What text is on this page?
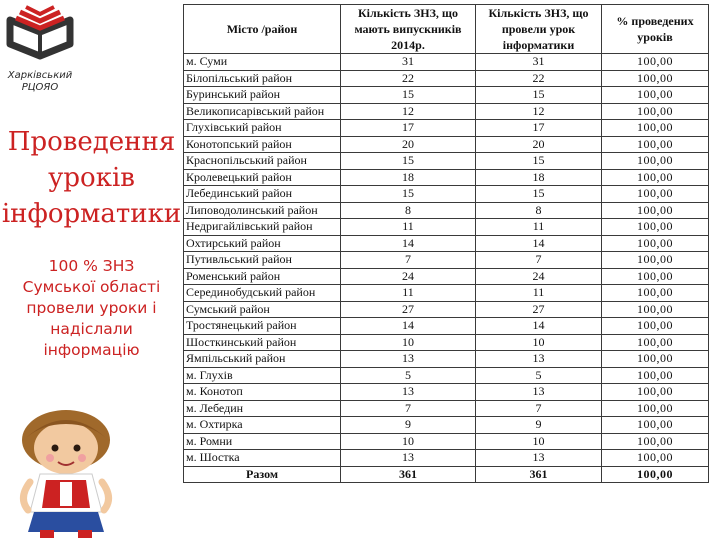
Харківський
РЦОЯО
Проведення
уроків
інформатики
100 % ЗНЗ
Сумської області
провели уроки і
надіслали
інформацію
Місто /район	Кількість ЗНЗ, що мають випускників 2014р.	Кількість ЗНЗ, що провели урок інформатики	% проведених уроків
м. Суми	31	31	100,00
Білопільський район	22	22	100,00
Буринський район	15	15	100,00
Великописарівський район	12	12	100,00
Глухівський район	17	17	100,00
Конотопський район	20	20	100,00
Краснопільський район	15	15	100,00
Кролевецький район	18	18	100,00
Лебединський район	15	15	100,00
Липоводолинський район	8	8	100,00
Недригайлівський район	11	11	100,00
Охтирський район	14	14	100,00
Путивльський район	7	7	100,00
Роменський район	24	24	100,00
Серединобудський район	11	11	100,00
Сумський район	27	27	100,00
Тростянецький район	14	14	100,00
Шосткинський район	10	10	100,00
Ямпільський район	13	13	100,00
м. Глухів	5	5	100,00
м. Конотоп	13	13	100,00
м. Лебедин	7	7	100,00
м. Охтирка	9	9	100,00
м. Ромни	10	10	100,00
м. Шостка	13	13	100,00
Разом	361	361	100,00
